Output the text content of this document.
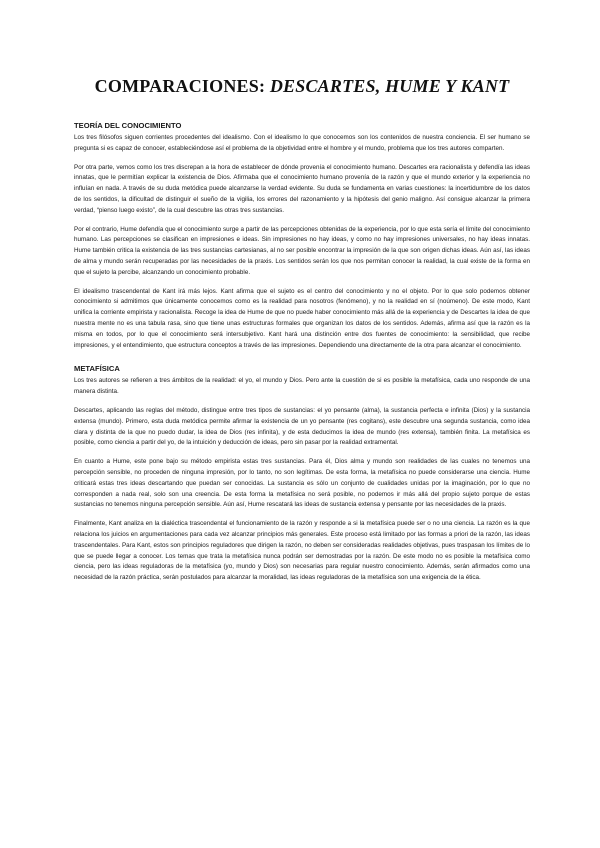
COMPARACIONES: DESCARTES, HUME Y KANT
TEORÍA DEL CONOCIMIENTO

Los tres filósofos siguen corrientes procedentes del idealismo. Con el idealismo lo que conocemos son los contenidos de nuestra conciencia. El ser humano se pregunta si es capaz de conocer, estableciéndose así el problema de la objetividad entre el hombre y el mundo, problema que los tres autores comparten.

Por otra parte, vemos como los tres discrepan a la hora de establecer de dónde provenía el conocimiento humano. Descartes era racionalista y defendía las ideas innatas, que le permitían explicar la existencia de Dios. Afirmaba que el conocimiento humano provenía de la razón y que el mundo exterior y la experiencia no influían en nada. A través de su duda metódica puede alcanzarse la verdad evidente. Su duda se fundamenta en varias cuestiones: la incertidumbre de los datos de los sentidos, la dificultad de distinguir el sueño de la vigilia, los errores del razonamiento y la hipótesis del genio maligno. Así consigue alcanzar la primera verdad, “pienso luego existo”, de la cual descubre las otras tres sustancias.

Por el contrario, Hume defendía que el conocimiento surge a partir de las percepciones obtenidas de la experiencia, por lo que esta sería el límite del conocimiento humano. Las percepciones se clasifican en impresiones e ideas. Sin impresiones no hay ideas, y como no hay impresiones universales, no hay ideas innatas. Hume también critica la existencia de las tres sustancias cartesianas, al no ser posible encontrar la impresión de la que son origen dichas ideas. Aún así, las ideas de alma y mundo serán recuperadas por las necesidades de la praxis. Los sentidos serán los que nos permitan conocer la realidad, la cual existe de la forma en que el sujeto la percibe, alcanzando un conocimiento probable.

El idealismo trascendental de Kant irá más lejos. Kant afirma que el sujeto es el centro del conocimiento y no el objeto. Por lo que solo podemos obtener conocimiento si admitimos que únicamente conocemos como es la realidad para nosotros (fenómeno), y no la realidad en sí (noúmeno). De este modo, Kant unifica la corriente empirista y racionalista. Recoge la idea de Hume de que no puede haber conocimiento más allá de la experiencia y de Descartes la idea de que nuestra mente no es una tabula rasa, sino que tiene unas estructuras formales que organizan los datos de los sentidos. Además, afirma así que la razón es la misma en todos, por lo que el conocimiento será intersubjetivo. Kant hará una distinción entre dos fuentes de conocimiento: la sensibilidad, que recibe impresiones, y el entendimiento, que estructura conceptos a través de las impresiones. Dependiendo una directamente de la otra para alcanzar el conocimiento.

METAFÍSICA

Los tres autores se refieren a tres ámbitos de la realidad: el yo, el mundo y Dios. Pero ante la cuestión de si es posible la metafísica, cada uno responde de una manera distinta.

Descartes, aplicando las reglas del método, distingue entre tres tipos de sustancias: el yo pensante (alma), la sustancia perfecta e infinita (Dios) y la sustancia extensa (mundo). Primero, esta duda metódica permite afirmar la existencia de un yo pensante (res cogitans), este descubre una segunda sustancia, como idea clara y distinta de la que no puedo dudar, la idea de Dios (res infinita), y de esta deducimos la idea de mundo (res extensa), también finita. La metafísica es posible, como ciencia a partir del yo, de la intuición y deducción de ideas, pero sin pasar por la realidad extramental.

En cuanto a Hume, este pone bajo su método empirista estas tres sustancias. Para él, Dios alma y mundo son realidades de las cuales no tenemos una percepción sensible, no proceden de ninguna impresión, por lo tanto, no son legítimas. De esta forma, la metafísica no puede considerarse una ciencia. Hume criticará estas tres ideas descartando que puedan ser conocidas. La sustancia es sólo un conjunto de cualidades unidas por la imaginación, por lo que no corresponden a nada real, solo son una creencia. De esta forma la metafísica no será posible, no podemos ir más allá del propio sujeto porque de estas sustancias no tenemos ninguna percepción sensible. Aún así, Hume rescatará las ideas de sustancia extensa y pensante por las necesidades de la praxis.

Finalmente, Kant analiza en la dialéctica trascendental el funcionamiento de la razón y responde a si la metafísica puede ser o no una ciencia. La razón es la que relaciona los juicios en argumentaciones para cada vez alcanzar principios más generales. Este proceso está limitado por las formas a priori de la razón, las ideas trascendentales. Para Kant, estos son principios reguladores que dirigen la razón, no deben ser consideradas realidades objetivas, pues traspasan los límites de lo que se puede llegar a conocer. Los temas que trata la metafísica nunca podrán ser demostradas por la razón. De este modo no es posible la metafísica como ciencia, pero las ideas reguladoras de la metafísica (yo, mundo y Dios) son necesarias para regular nuestro conocimiento. Además, serán afirmados como una necesidad de la razón práctica, serán postulados para alcanzar la moralidad, las ideas reguladoras de la metafísica son una exigencia de la ética.
